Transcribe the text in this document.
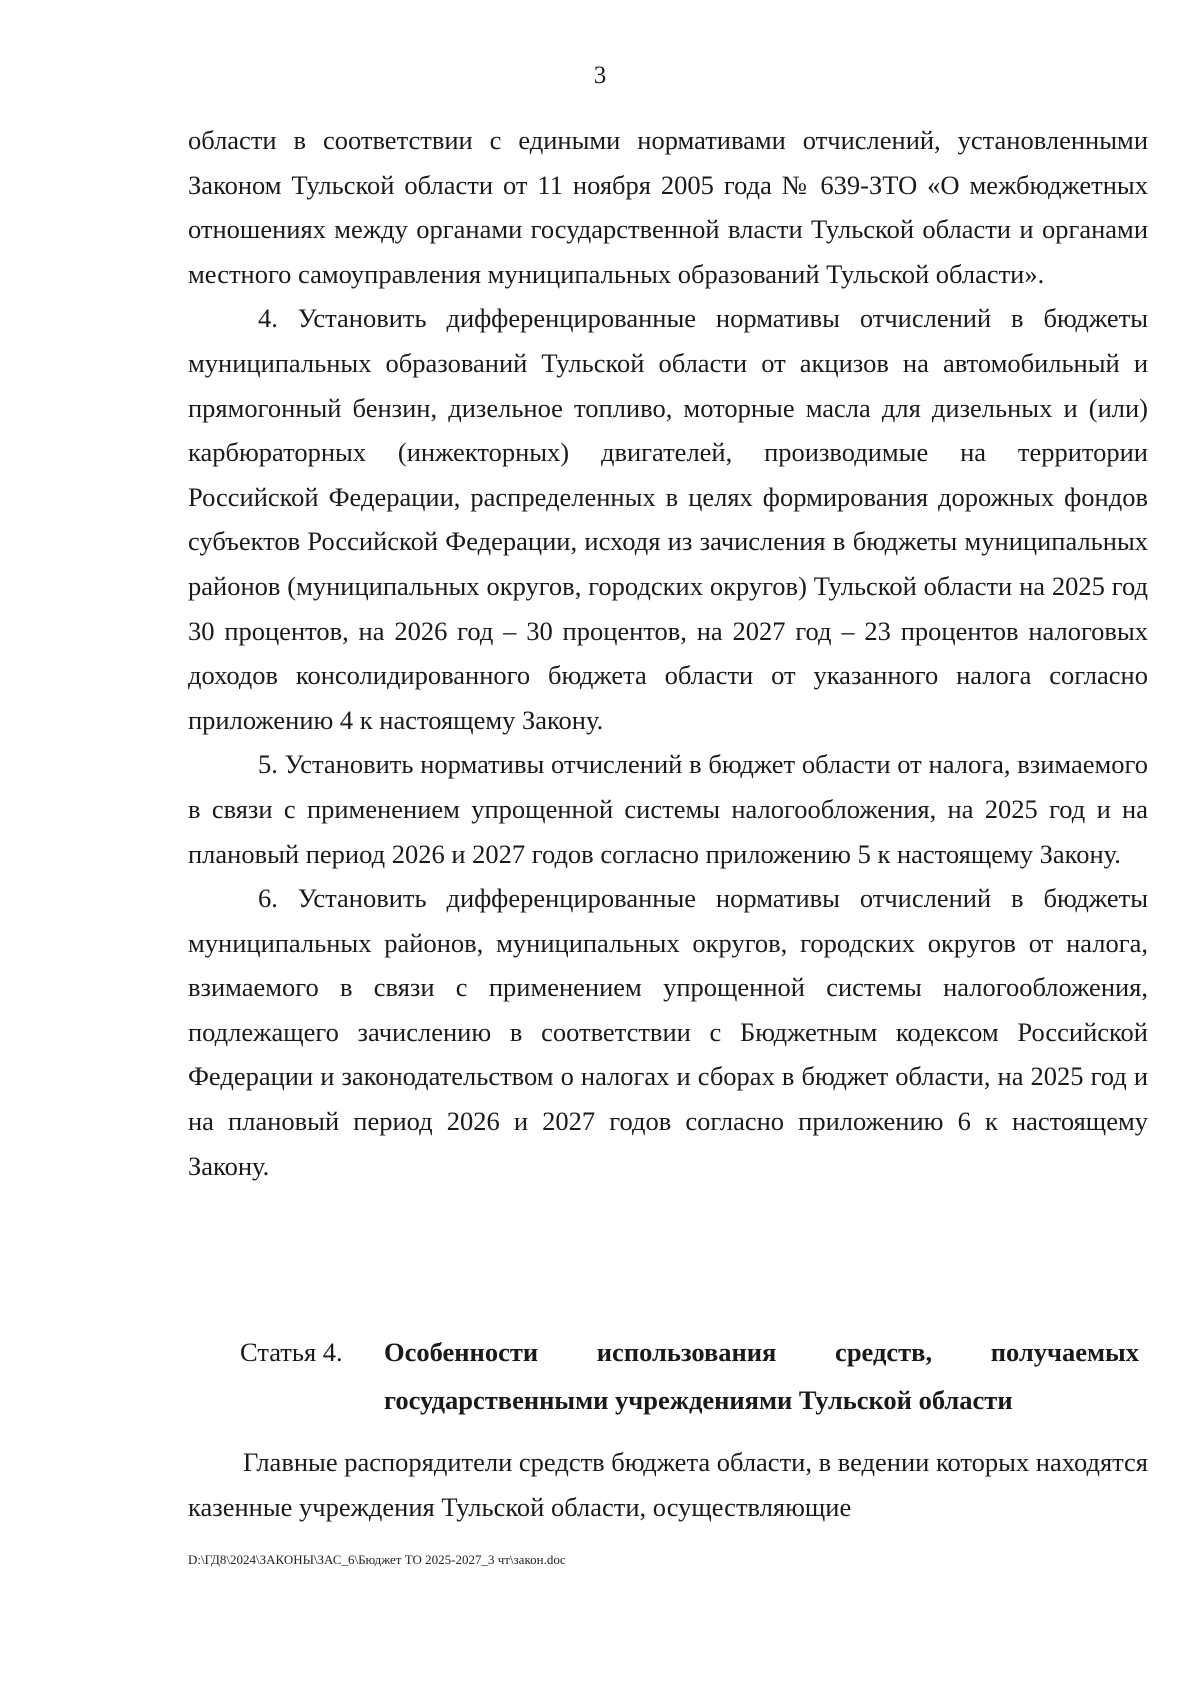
3

области в соответствии с едиными нормативами отчислений, установленными Законом Тульской области от 11 ноября 2005 года № 639-ЗТО «О межбюджетных отношениях между органами государственной власти Тульской области и органами местного самоуправления муниципальных образований Тульской области».

4. Установить дифференцированные нормативы отчислений в бюджеты муниципальных образований Тульской области от акцизов на автомобильный и прямогонный бензин, дизельное топливо, моторные масла для дизельных и (или) карбюраторных (инжекторных) двигателей, производимые на территории Российской Федерации, распределенных в целях формирования дорожных фондов субъектов Российской Федерации, исходя из зачисления в бюджеты муниципальных районов (муниципальных округов, городских округов) Тульской области на 2025 год 30 процентов, на 2026 год – 30 процентов, на 2027 год – 23 процентов налоговых доходов консолидированного бюджета области от указанного налога согласно приложению 4 к настоящему Закону.

5. Установить нормативы отчислений в бюджет области от налога, взимаемого в связи с применением упрощенной системы налогообложения, на 2025 год и на плановый период 2026 и 2027 годов согласно приложению 5 к настоящему Закону.

6. Установить дифференцированные нормативы отчислений в бюджеты муниципальных районов, муниципальных округов, городских округов от налога, взимаемого в связи с применением упрощенной системы налогообложения, подлежащего зачислению в соответствии с Бюджетным кодексом Российской Федерации и законодательством о налогах и сборах в бюджет области, на 2025 год и на плановый период 2026 и 2027 годов согласно приложению 6 к настоящему Закону.

Статья 4.	Особенности использования средств, получаемых государственными учреждениями Тульской области

Главные распорядители средств бюджета области, в ведении которых находятся казенные учреждения Тульской области, осуществляющие

D:\ГД8\2024\ЗАКОНЫ\ЗАС_6\Бюджет ТО 2025-2027_3 чт\закон.doc
